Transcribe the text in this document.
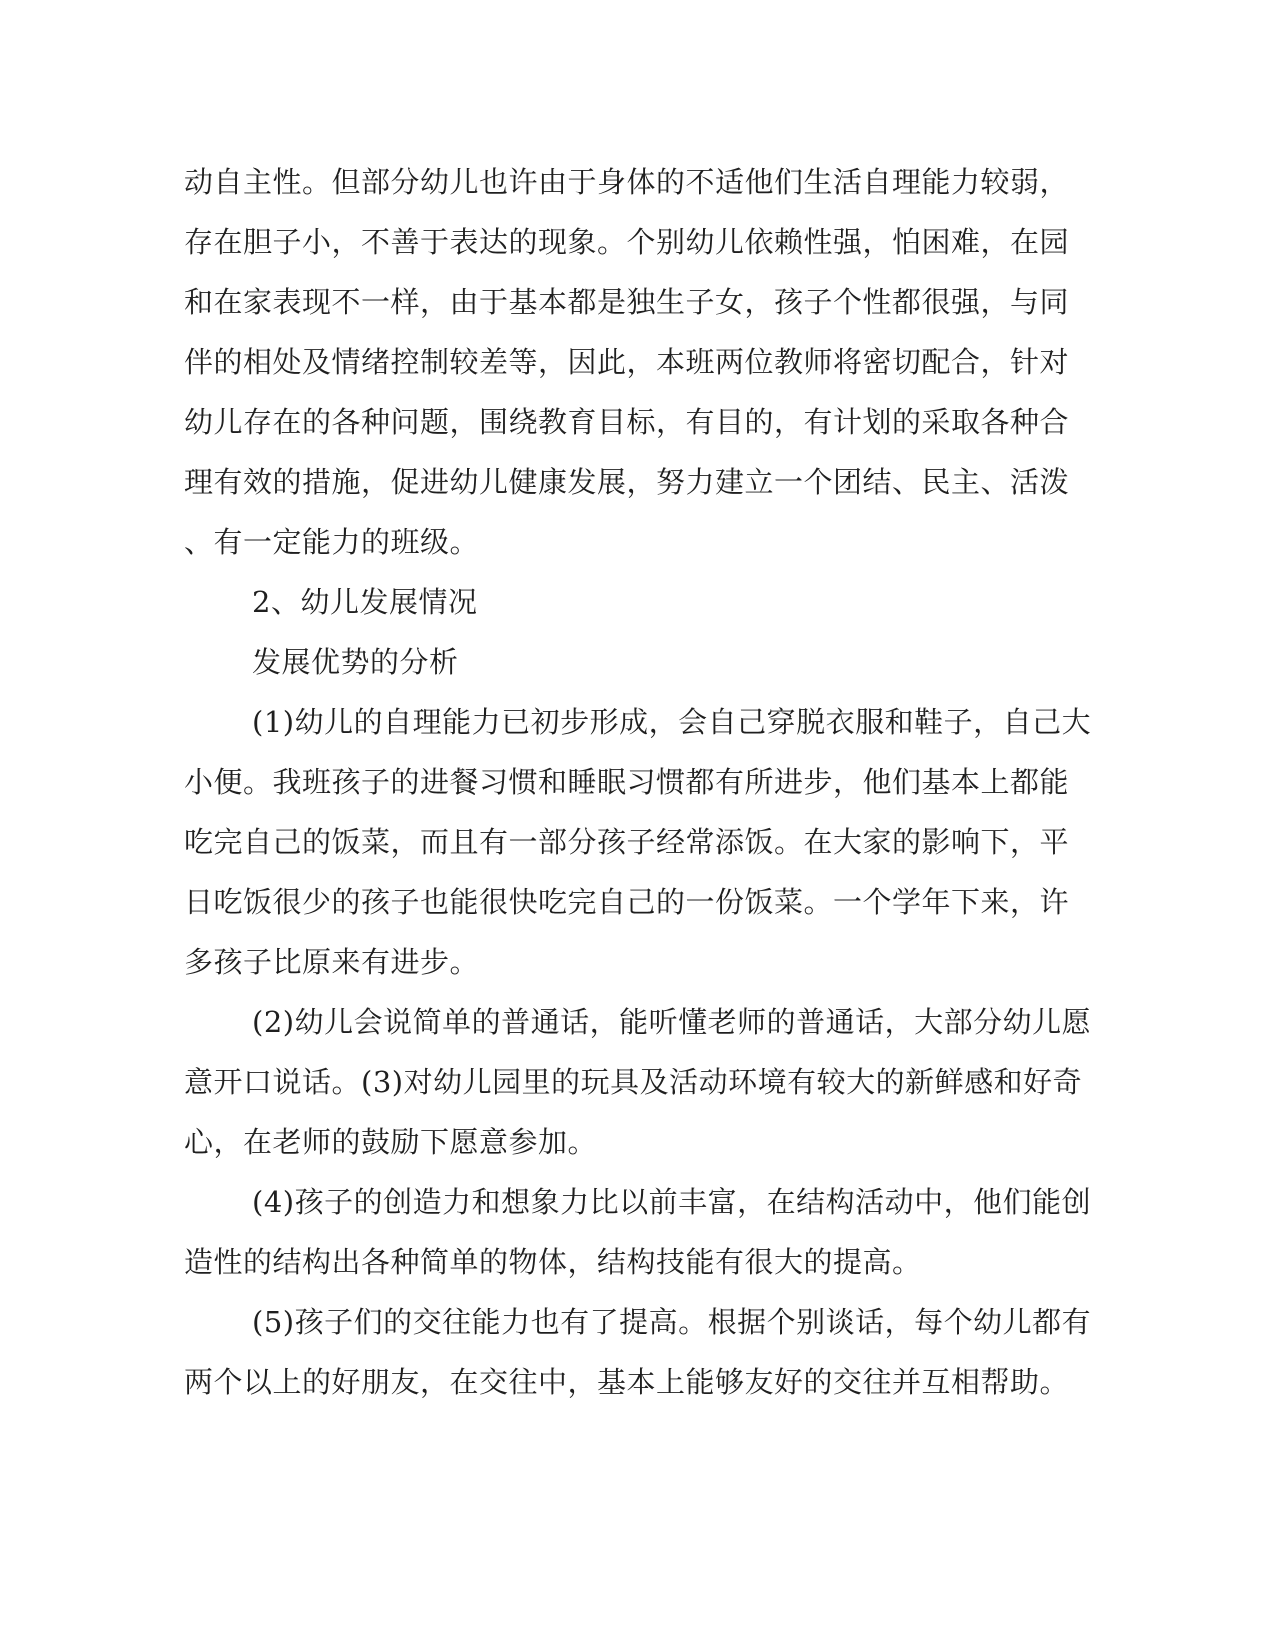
动自主性。但部分幼儿也许由于身体的不适他们生活自理能力较弱，
存在胆子小，不善于表达的现象。个别幼儿依赖性强，怕困难，在园
和在家表现不一样，由于基本都是独生子女，孩子个性都很强，与同
伴的相处及情绪控制较差等，因此，本班两位教师将密切配合，针对
幼儿存在的各种问题，围绕教育目标，有目的，有计划的采取各种合
理有效的措施，促进幼儿健康发展，努力建立一个团结、民主、活泼
、有一定能力的班级。
2、幼儿发展情况
发展优势的分析
(1)幼儿的自理能力已初步形成，会自己穿脱衣服和鞋子，自己大
小便。我班孩子的进餐习惯和睡眠习惯都有所进步，他们基本上都能
吃完自己的饭菜，而且有一部分孩子经常添饭。在大家的影响下，平
日吃饭很少的孩子也能很快吃完自己的一份饭菜。一个学年下来，许
多孩子比原来有进步。
(2)幼儿会说简单的普通话，能听懂老师的普通话，大部分幼儿愿
意开口说话。(3)对幼儿园里的玩具及活动环境有较大的新鲜感和好奇
心，在老师的鼓励下愿意参加。
(4)孩子的创造力和想象力比以前丰富，在结构活动中，他们能创
造性的结构出各种简单的物体，结构技能有很大的提高。
(5)孩子们的交往能力也有了提高。根据个别谈话，每个幼儿都有
两个以上的好朋友，在交往中，基本上能够友好的交往并互相帮助。
